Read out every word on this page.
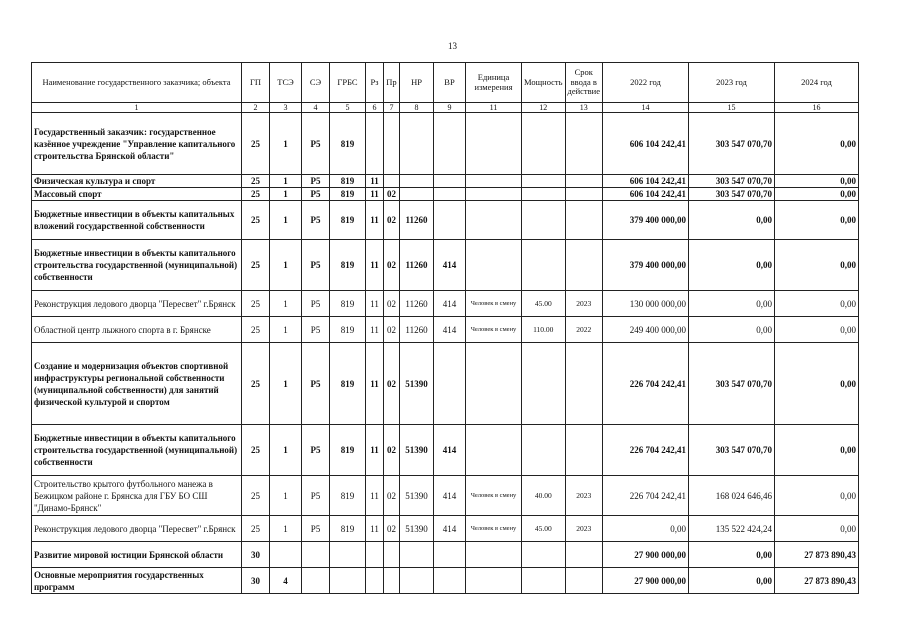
13
Наименование государственного заказчика; объекта	ГП	ТСЭ	СЭ	ГРБС	Рз	Пр	НР	ВР	Единица измерения	Мощность	Срок ввода в действие	2022 год	2023 год	2024 год
1	2	3	4	5	6	7	8	9	11	12	13	14	15	16
Государственный заказчик: государственное казённое учреждение "Управление капитального строительства Брянской области"	25	1	Р5	819								606 104 242,41	303 547 070,70	0,00
Физическая культура и спорт	25	1	Р5	819	11							606 104 242,41	303 547 070,70	0,00
Массовый спорт	25	1	Р5	819	11	02						606 104 242,41	303 547 070,70	0,00
Бюджетные инвестиции в объекты капитальных вложений государственной собственности	25	1	Р5	819	11	02	11260					379 400 000,00	0,00	0,00
Бюджетные инвестиции в объекты капитального строительства государственной (муниципальной) собственности	25	1	Р5	819	11	02	11260	414				379 400 000,00	0,00	0,00
Реконструкция ледового дворца "Пересвет" г.Брянск	25	1	Р5	819	11	02	11260	414	Человек в смену	45.00	2023	130 000 000,00	0,00	0,00
Областной центр лыжного спорта в г. Брянске	25	1	Р5	819	11	02	11260	414	Человек в смену	110.00	2022	249 400 000,00	0,00	0,00
Создание и модернизация объектов спортивной инфраструктуры региональной собственности (муниципальной собственности) для занятий физической культурой и спортом	25	1	Р5	819	11	02	51390					226 704 242,41	303 547 070,70	0,00
Бюджетные инвестиции в объекты капитального строительства государственной (муниципальной) собственности	25	1	Р5	819	11	02	51390	414				226 704 242,41	303 547 070,70	0,00
Строительство крытого футбольного манежа в Бежицком районе г. Брянска для ГБУ БО СШ "Динамо-Брянск"	25	1	Р5	819	11	02	51390	414	Человек в смену	40.00	2023	226 704 242,41	168 024 646,46	0,00
Реконструкция ледового дворца "Пересвет" г.Брянск	25	1	Р5	819	11	02	51390	414	Человек в смену	45.00	2023	0,00	135 522 424,24	0,00
Развитие мировой юстиции Брянской области	30											27 900 000,00	0,00	27 873 890,43
Основные мероприятия государственных программ	30	4										27 900 000,00	0,00	27 873 890,43
